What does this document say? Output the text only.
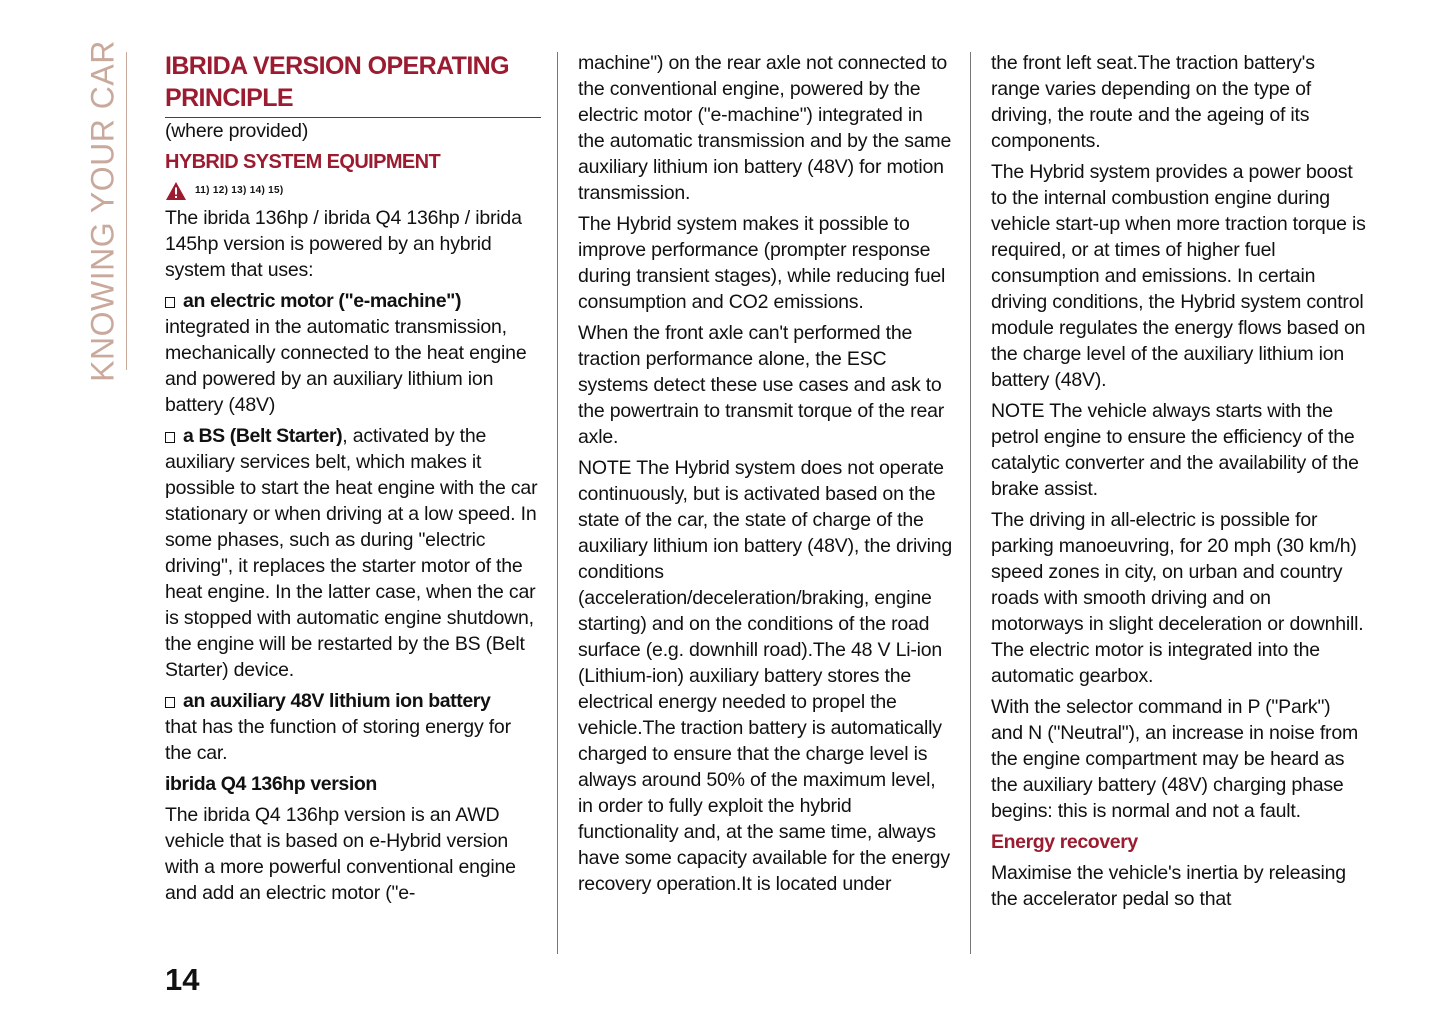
KNOWING YOUR CAR IBRIDA VERSION OPERATING PRINCIPLE

(where provided)

HYBRID SYSTEM EQUIPMENT
11) 12) 13) 14) 15)

The ibrida 136hp / ibrida Q4 136hp / ibrida 145hp version is powered by an hybrid system that uses:

an electric motor ("e-machine")
integrated in the automatic transmission, mechanically connected to the heat engine and powered by an auxiliary lithium ion battery (48V)

a BS (Belt Starter), activated by the auxiliary services belt, which makes it possible to start the heat engine with the car stationary or when driving at a low speed. In some phases, such as during "electric driving", it replaces the starter motor of the heat engine. In the latter case, when the car is stopped with automatic engine shutdown, the engine will be restarted by the BS (Belt Starter) device.

an auxiliary 48V lithium ion battery
that has the function of storing energy for the car.

ibrida Q4 136hp version

The ibrida Q4 136hp version is an AWD vehicle that is based on e-Hybrid version with a more powerful conventional engine and add an electric motor ("e-

machine") on the rear axle not connected to the conventional engine, powered by the electric motor ("e-machine") integrated in the automatic transmission and by the same auxiliary lithium ion battery (48V) for motion transmission.

The Hybrid system makes it possible to improve performance (prompter response during transient stages), while reducing fuel consumption and CO2 emissions.

When the front axle can't performed the traction performance alone, the ESC systems detect these use cases and ask to the powertrain to transmit torque of the rear axle.

NOTE The Hybrid system does not operate continuously, but is activated based on the state of the car, the state of charge of the auxiliary lithium ion battery (48V), the driving conditions (acceleration/deceleration/braking, engine starting) and on the conditions of the road surface (e.g. downhill road).The 48 V Li-ion (Lithium-ion) auxiliary battery stores the electrical energy needed to propel the vehicle.The traction battery is automatically charged to ensure that the charge level is always around 50% of the maximum level, in order to fully exploit the hybrid functionality and, at the same time, always have some capacity available for the energy recovery operation.It is located under

the front left seat.The traction battery's range varies depending on the type of driving, the route and the ageing of its components.

The Hybrid system provides a power boost to the internal combustion engine during vehicle start-up when more traction torque is required, or at times of higher fuel consumption and emissions. In certain driving conditions, the Hybrid system control module regulates the energy flows based on the charge level of the auxiliary lithium ion battery (48V).

NOTE The vehicle always starts with the petrol engine to ensure the efficiency of the catalytic converter and the availability of the brake assist.

The driving in all-electric is possible for parking manoeuvring, for 20 mph (30 km/h) speed zones in city, on urban and country roads with smooth driving and on motorways in slight deceleration or downhill. The electric motor is integrated into the automatic gearbox.

With the selector command in P ("Park") and N ("Neutral"), an increase in noise from the engine compartment may be heard as the auxiliary battery (48V) charging phase begins: this is normal and not a fault.

Energy recovery

Maximise the vehicle's inertia by releasing the accelerator pedal so that

14
